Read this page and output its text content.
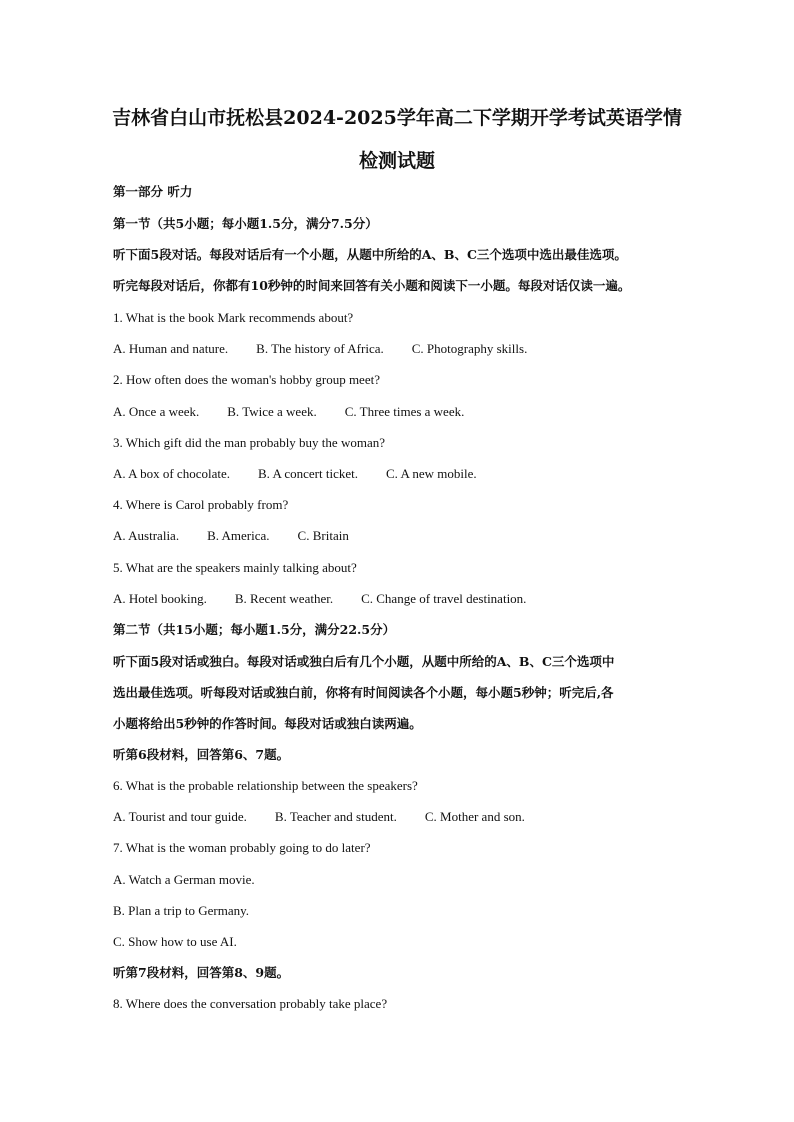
吉林省白山市抚松县2024-2025学年高二下学期开学考试英语学情
检测试题
第一部分 听力
第一节（共5小题；每小题1.5分，满分7.5分）
听下面5段对话。每段对话后有一个小题，从题中所给的A、B、C三个选项中选出最佳选项。
听完每段对话后，你都有10秒钟的时间来回答有关小题和阅读下一小题。每段对话仅读一遍。
1. What is the book Mark recommends about?
A. Human and nature. B. The history of Africa. C. Photography skills.
2. How often does the woman's hobby group meet?
A. Once a week. B. Twice a week. C. Three times a week.
3. Which gift did the man probably buy the woman?
A. A box of chocolate. B. A concert ticket. C. A new mobile.
4. Where is Carol probably from?
A. Australia. B. America. C. Britain
5. What are the speakers mainly talking about?
A. Hotel booking. B. Recent weather. C. Change of travel destination.
第二节（共15小题；每小题1.5分，满分22.5分）
听下面5段对话或独白。每段对话或独白后有几个小题，从题中所给的A、B、C三个选项中
选出最佳选项。听每段对话或独白前，你将有时间阅读各个小题，每小题5秒钟；听完后,各
小题将给出5秒钟的作答时间。每段对话或独白读两遍。
听第6段材料，回答第6、7题。
6. What is the probable relationship between the speakers?
A. Tourist and tour guide. B. Teacher and student. C. Mother and son.
7. What is the woman probably going to do later?
A. Watch a German movie.
B. Plan a trip to Germany.
C. Show how to use AI.
听第7段材料，回答第8、9题。
8. Where does the conversation probably take place?
